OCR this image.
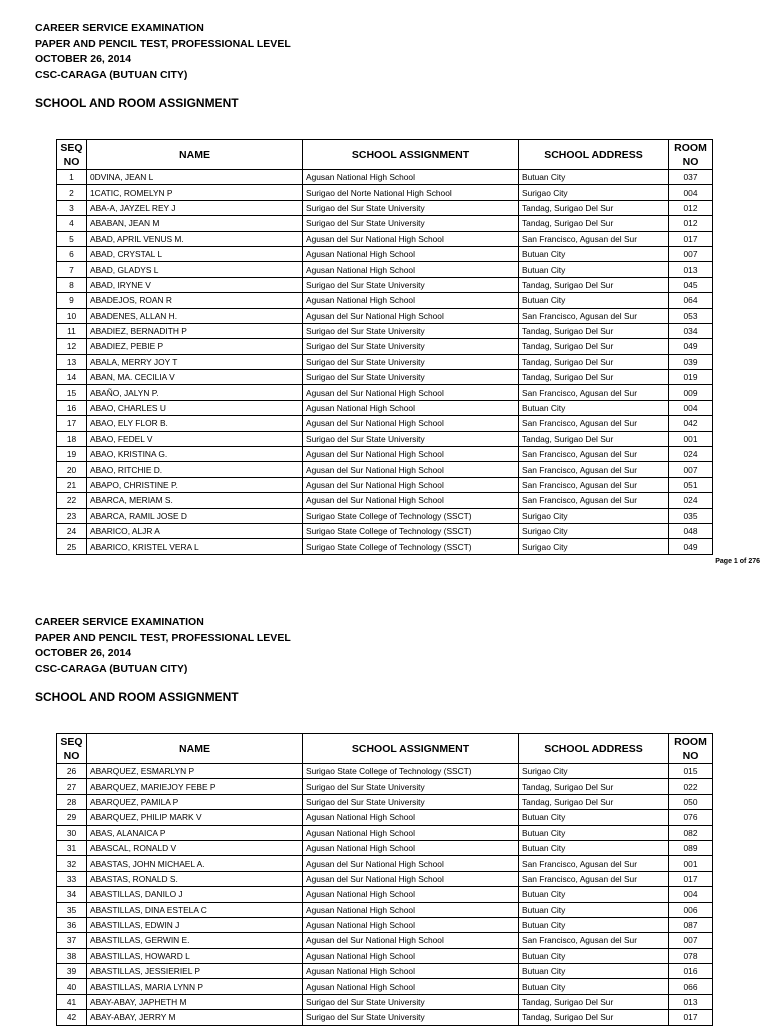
CAREER SERVICE EXAMINATION
PAPER AND PENCIL TEST, PROFESSIONAL LEVEL
OCTOBER 26, 2014
CSC-CARAGA (BUTUAN CITY)
SCHOOL AND ROOM ASSIGNMENT
SEQ
NO	NAME	SCHOOL ASSIGNMENT	SCHOOL ADDRESS	ROOM
NO
1	0DVINA, JEAN L	Agusan National High School	Butuan City	037
2	1CATIC, ROMELYN P	Surigao del Norte National High School	Surigao City	004
3	ABA-A, JAYZEL REY J	Surigao del Sur State University	Tandag, Surigao Del Sur	012
4	ABABAN, JEAN M	Surigao del Sur State University	Tandag, Surigao Del Sur	012
5	ABAD, APRIL VENUS M.	Agusan del Sur National High School	San Francisco, Agusan del Sur	017
6	ABAD, CRYSTAL L	Agusan National High School	Butuan City	007
7	ABAD, GLADYS L	Agusan National High School	Butuan City	013
8	ABAD, IRYNE V	Surigao del Sur State University	Tandag, Surigao Del Sur	045
9	ABADEJOS, ROAN R	Agusan National High School	Butuan City	064
10	ABADENES, ALLAN H.	Agusan del Sur National High School	San Francisco, Agusan del Sur	053
11	ABADIEZ, BERNADITH P	Surigao del Sur State University	Tandag, Surigao Del Sur	034
12	ABADIEZ, PEBIE P	Surigao del Sur State University	Tandag, Surigao Del Sur	049
13	ABALA, MERRY JOY T	Surigao del Sur State University	Tandag, Surigao Del Sur	039
14	ABAN, MA. CECILIA V	Surigao del Sur State University	Tandag, Surigao Del Sur	019
15	ABAÑO, JALYN P.	Agusan del Sur National High School	San Francisco, Agusan del Sur	009
16	ABAO, CHARLES U	Agusan National High School	Butuan City	004
17	ABAO, ELY FLOR B.	Agusan del Sur National High School	San Francisco, Agusan del Sur	042
18	ABAO, FEDEL V	Surigao del Sur State University	Tandag, Surigao Del Sur	001
19	ABAO, KRISTINA G.	Agusan del Sur National High School	San Francisco, Agusan del Sur	024
20	ABAO, RITCHIE D.	Agusan del Sur National High School	San Francisco, Agusan del Sur	007
21	ABAPO, CHRISTINE P.	Agusan del Sur National High School	San Francisco, Agusan del Sur	051
22	ABARCA, MERIAM S.	Agusan del Sur National High School	San Francisco, Agusan del Sur	024
23	ABARCA, RAMIL JOSE D	Surigao State College of Technology (SSCT)	Surigao City	035
24	ABARICO, ALJR A	Surigao State College of Technology (SSCT)	Surigao City	048
25	ABARICO, KRISTEL VERA L	Surigao State College of Technology (SSCT)	Surigao City	049
Page 1 of 276
CAREER SERVICE EXAMINATION
PAPER AND PENCIL TEST, PROFESSIONAL LEVEL
OCTOBER 26, 2014
CSC-CARAGA (BUTUAN CITY)
SCHOOL AND ROOM ASSIGNMENT
SEQ
NO	NAME	SCHOOL ASSIGNMENT	SCHOOL ADDRESS	ROOM
NO
26	ABARQUEZ, ESMARLYN P	Surigao State College of Technology (SSCT)	Surigao City	015
27	ABARQUEZ, MARIEJOY FEBE P	Surigao del Sur State University	Tandag, Surigao Del Sur	022
28	ABARQUEZ, PAMILA P	Surigao del Sur State University	Tandag, Surigao Del Sur	050
29	ABARQUEZ, PHILIP MARK V	Agusan National High School	Butuan City	076
30	ABAS, ALANAICA P	Agusan National High School	Butuan City	082
31	ABASCAL, RONALD V	Agusan National High School	Butuan City	089
32	ABASTAS, JOHN MICHAEL A.	Agusan del Sur National High School	San Francisco, Agusan del Sur	001
33	ABASTAS, RONALD S.	Agusan del Sur National High School	San Francisco, Agusan del Sur	017
34	ABASTILLAS, DANILO J	Agusan National High School	Butuan City	004
35	ABASTILLAS, DINA ESTELA C	Agusan National High School	Butuan City	006
36	ABASTILLAS, EDWIN J	Agusan National High School	Butuan City	087
37	ABASTILLAS, GERWIN E.	Agusan del Sur National High School	San Francisco, Agusan del Sur	007
38	ABASTILLAS, HOWARD L	Agusan National High School	Butuan City	078
39	ABASTILLAS, JESSIERIEL P	Agusan National High School	Butuan City	016
40	ABASTILLAS, MARIA LYNN P	Agusan National High School	Butuan City	066
41	ABAY-ABAY, JAPHETH M	Surigao del Sur State University	Tandag, Surigao Del Sur	013
42	ABAY-ABAY, JERRY M	Surigao del Sur State University	Tandag, Surigao Del Sur	017
